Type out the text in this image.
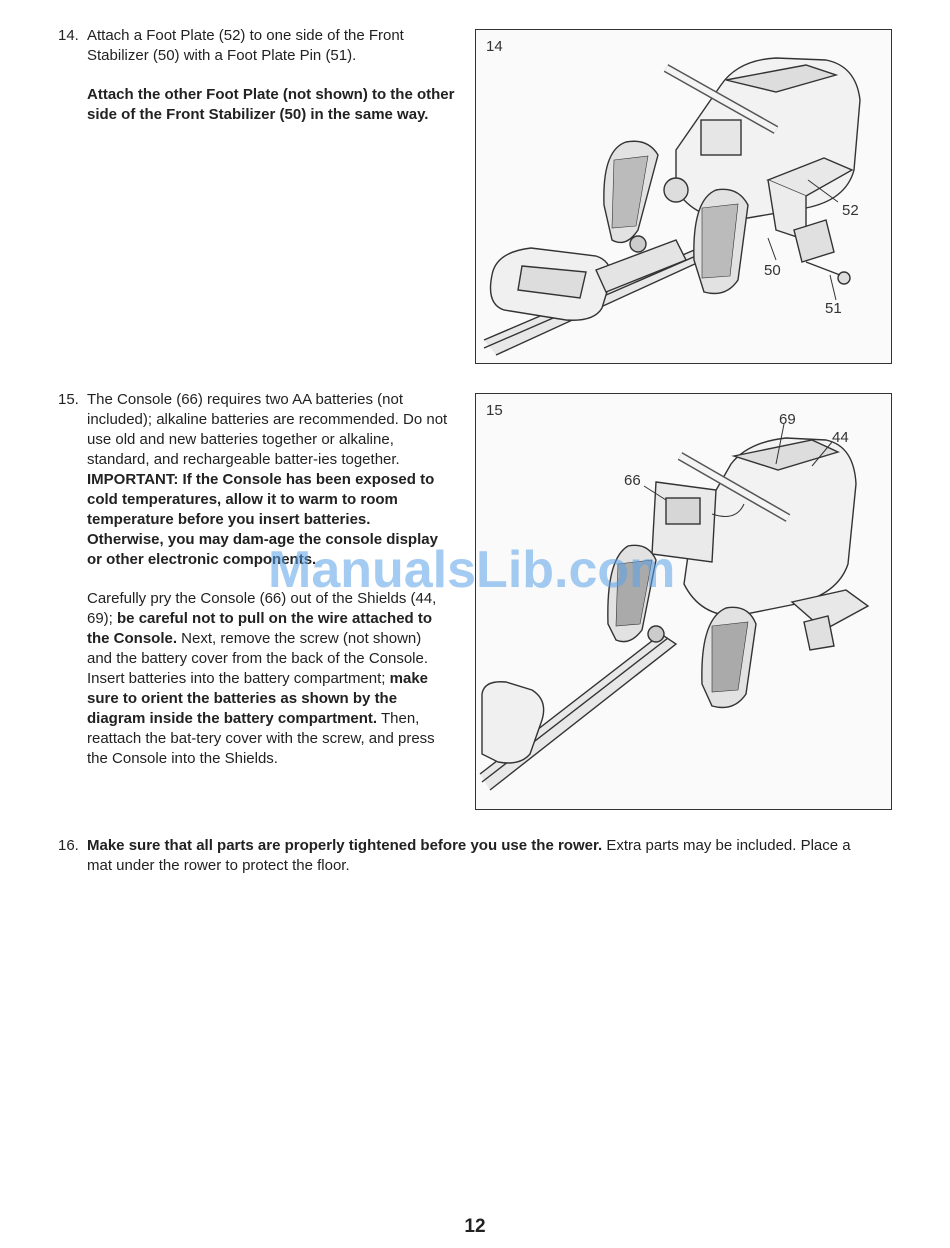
14. Attach a Foot Plate (52) to one side of the Front Stabilizer (50) with a Foot Plate Pin (51).

Attach the other Foot Plate (not shown) to the other side of the Front Stabilizer (50) in the same way.

15. The Console (66) requires two AA batteries (not included); alkaline batteries are recommended. Do not use old and new batteries together or alkaline, standard, and rechargeable batter-ies together. IMPORTANT: If the Console has been exposed to cold temperatures, allow it to warm to room temperature before you insert batteries. Otherwise, you may dam-age the console display or other electronic components.

Carefully pry the Console (66) out of the Shields (44, 69); be careful not to pull on the wire attached to the Console. Next, remove the screw (not shown) and the battery cover from the back of the Console. Insert batteries into the battery compartment; make sure to orient the batteries as shown by the diagram inside the battery compartment. Then, reattach the bat-tery cover with the screw, and press the Console into the Shields.

16. Make sure that all parts are properly tightened before you use the rower. Extra parts may be included. Place a mat under the rower to protect the floor.

14
52
50
51
15
69
44
66
ManualsLib.com
12
